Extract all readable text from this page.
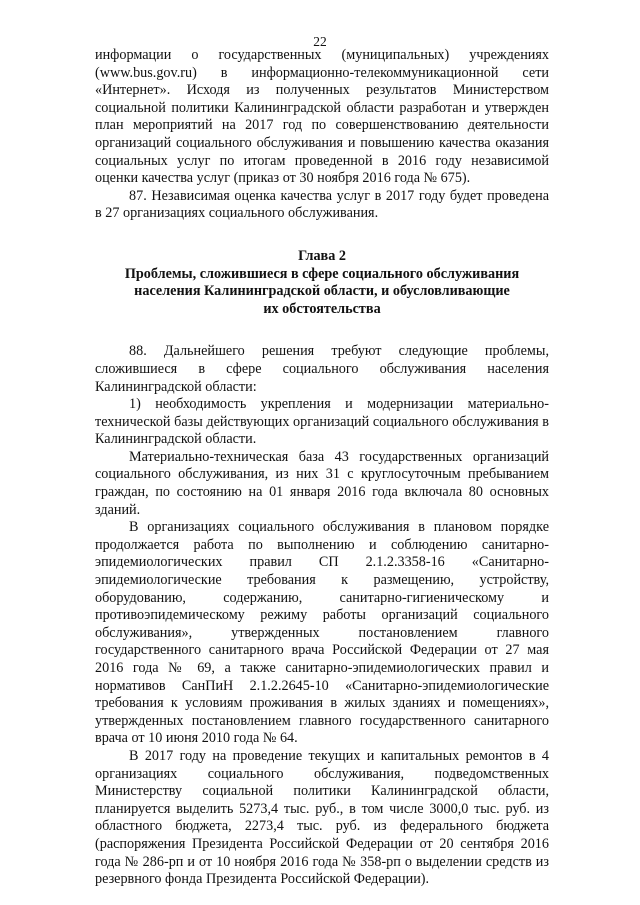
22

информации о государственных (муниципальных) учреждениях (www.bus.gov.ru) в информационно-телекоммуникационной сети «Интернет». Исходя из полученных результатов Министерством социальной политики Калининградской области разработан и утвержден план мероприятий на 2017 год по совершенствованию деятельности организаций социального обслуживания и повышению качества оказания социальных услуг по итогам проведенной в 2016 году независимой оценки качества услуг (приказ от 30 ноября 2016 года № 675).

87. Независимая оценка качества услуг в 2017 году будет проведена в 27 организациях социального обслуживания.

Глава 2
Проблемы, сложившиеся в сфере социального обслуживания
населения Калининградской области, и обусловливающие
их обстоятельства

88. Дальнейшего решения требуют следующие проблемы, сложившиеся в сфере социального обслуживания населения Калининградской области:

1) необходимость укрепления и модернизации материально-технической базы действующих организаций социального обслуживания в Калининградской области.

Материально-техническая база 43 государственных организаций социального обслуживания, из них 31 с круглосуточным пребыванием граждан, по состоянию на 01 января 2016 года включала 80 основных зданий.

В организациях социального обслуживания в плановом порядке продолжается работа по выполнению и соблюдению санитарно-эпидемиологических правил СП 2.1.2.3358-16 «Санитарно-эпидемиологические требования к размещению, устройству, оборудованию, содержанию, санитарно-гигиеническому и противоэпидемическому режиму работы организаций социального обслуживания», утвержденных постановлением главного государственного санитарного врача Российской Федерации от 27 мая 2016 года № 69, а также санитарно-эпидемиологических правил и нормативов СанПиН 2.1.2.2645-10 «Санитарно-эпидемиологические требования к условиям проживания в жилых зданиях и помещениях», утвержденных постановлением главного государственного санитарного врача от 10 июня 2010 года № 64.

В 2017 году на проведение текущих и капитальных ремонтов в 4 организациях социального обслуживания, подведомственных Министерству социальной политики Калининградской области, планируется выделить 5273,4 тыс. руб., в том числе 3000,0 тыс. руб. из областного бюджета, 2273,4 тыс. руб. из федерального бюджета (распоряжения Президента Российской Федерации от 20 сентября 2016 года № 286-рп и от 10 ноября 2016 года № 358-рп о выделении средств из резервного фонда Президента Российской Федерации).
